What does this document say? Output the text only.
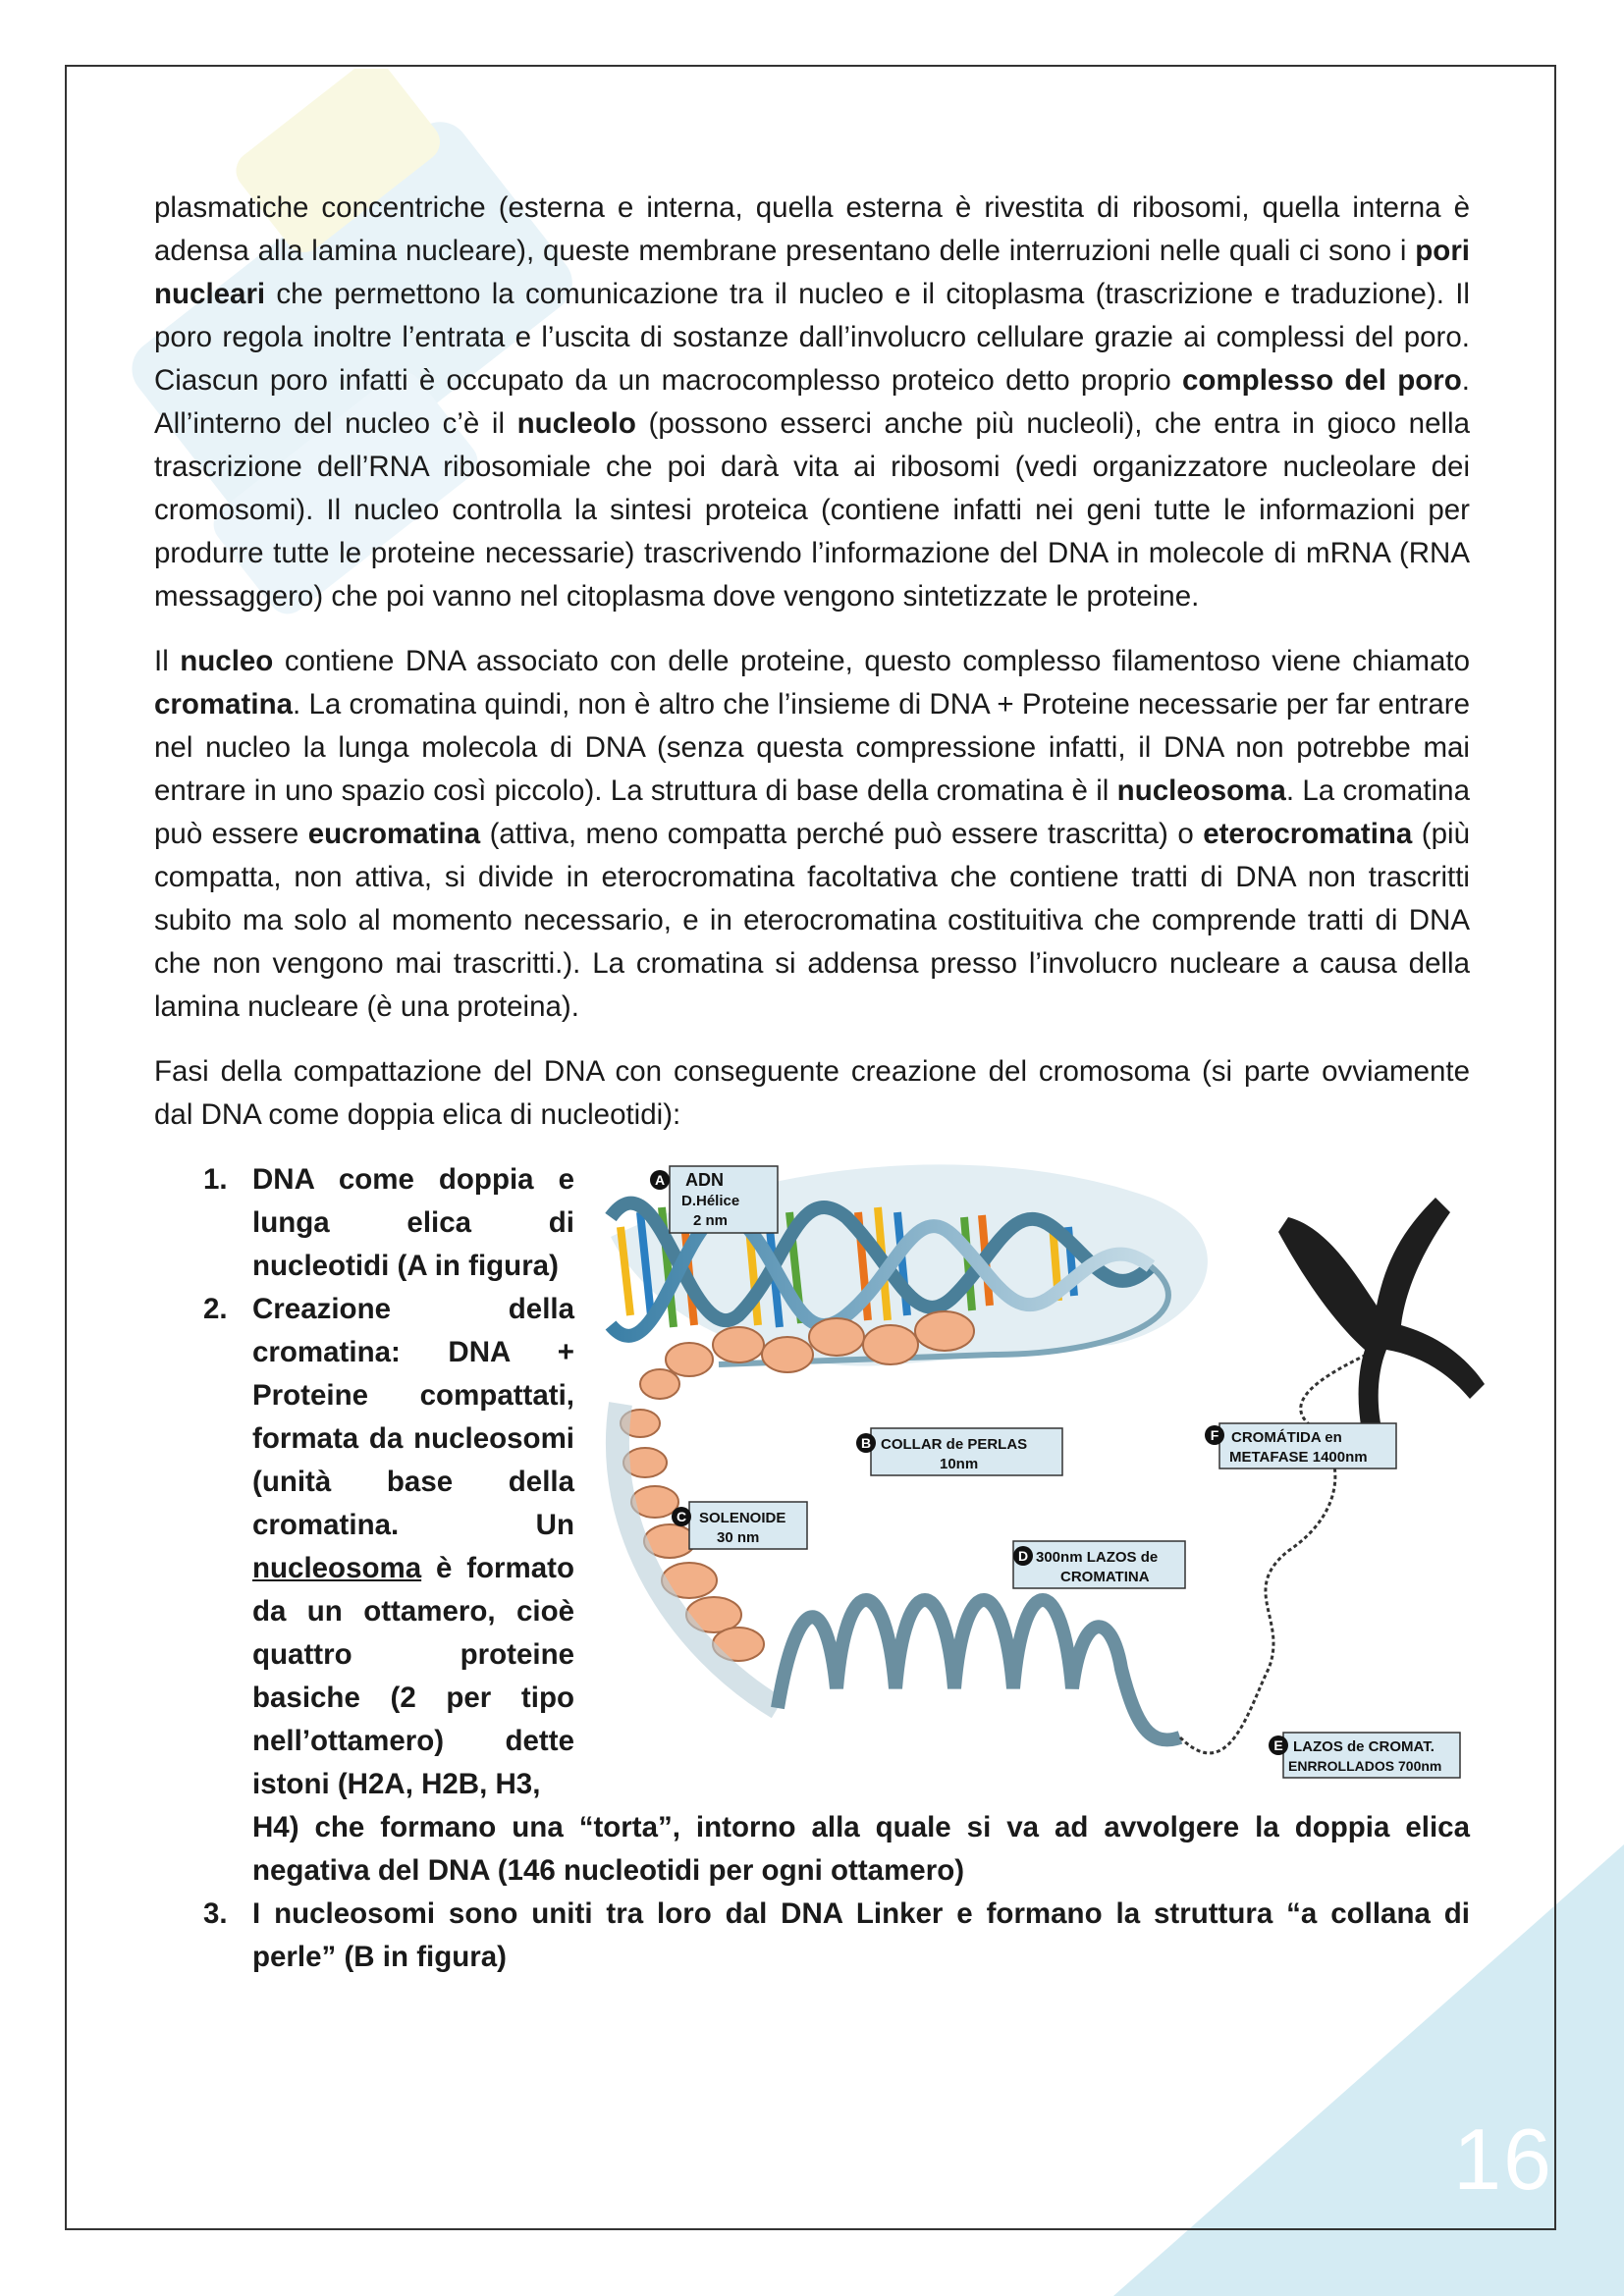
plasmatiche concentriche (esterna e interna, quella esterna è rivestita di ribosomi, quella interna è adensa alla lamina nucleare), queste membrane presentano delle interruzioni nelle quali ci sono i pori nucleari che permettono la comunicazione tra il nucleo e il citoplasma (trascrizione e traduzione). Il poro regola inoltre l’entrata e l’uscita di sostanze dall’involucro cellulare grazie ai complessi del poro. Ciascun poro infatti è occupato da un macrocomplesso proteico detto proprio complesso del poro. All’interno del nucleo c’è il nucleolo (possono esserci anche più nucleoli), che entra in gioco nella trascrizione dell’RNA ribosomiale che poi darà vita ai ribosomi (vedi organizzatore nucleolare dei cromosomi). Il nucleo controlla la sintesi proteica (contiene infatti nei geni tutte le informazioni per produrre tutte le proteine necessarie) trascrivendo l’informazione del DNA in molecole di mRNA (RNA messaggero) che poi vanno nel citoplasma dove vengono sintetizzate le proteine.

Il nucleo contiene DNA associato con delle proteine, questo complesso filamentoso viene chiamato cromatina. La cromatina quindi, non è altro che l’insieme di DNA + Proteine necessarie per far entrare nel nucleo la lunga molecola di DNA (senza questa compressione infatti, il DNA non potrebbe mai entrare in uno spazio così piccolo). La struttura di base della cromatina è il nucleosoma. La cromatina può essere eucromatina (attiva, meno compatta perché può essere trascritta) o eterocromatina (più compatta, non attiva, si divide in eterocromatina facoltativa che contiene tratti di DNA non trascritti subito ma solo al momento necessario, e in eterocromatina costituitiva che comprende tratti di DNA che non vengono mai trascritti.). La cromatina si addensa presso l’involucro nucleare a causa della lamina nucleare (è una proteina).

Fasi della compattazione del DNA con conseguente creazione del cromosoma (si parte ovviamente dal DNA come doppia elica di nucleotidi):

A ADN
D.Hélice
2 nm
B COLLAR de PERLAS
10nm
C SOLENOIDE
30 nm
D 300nm LAZOS de
CROMATINA
F CROMÁTIDA en
METAFASE 1400nm
E LAZOS de CROMAT.
ENRROLLADOS 700nm
1. DNA come doppia e lunga elica di nucleotidi (A in figura)
2. Creazione della cromatina: DNA + Proteine compattati, formata da nucleosomi (unità base della cromatina. Un nucleosoma è formato da un ottamero, cioè quattro proteine basiche (2 per tipo nell’ottamero) dette istoni (H2A, H2B, H3,
H4) che formano una “torta”, intorno alla quale si va ad avvolgere la doppia elica negativa del DNA (146 nucleotidi per ogni ottamero)
3. I nucleosomi sono uniti tra loro dal DNA Linker e formano la struttura “a collana di perle” (B in figura)
16
